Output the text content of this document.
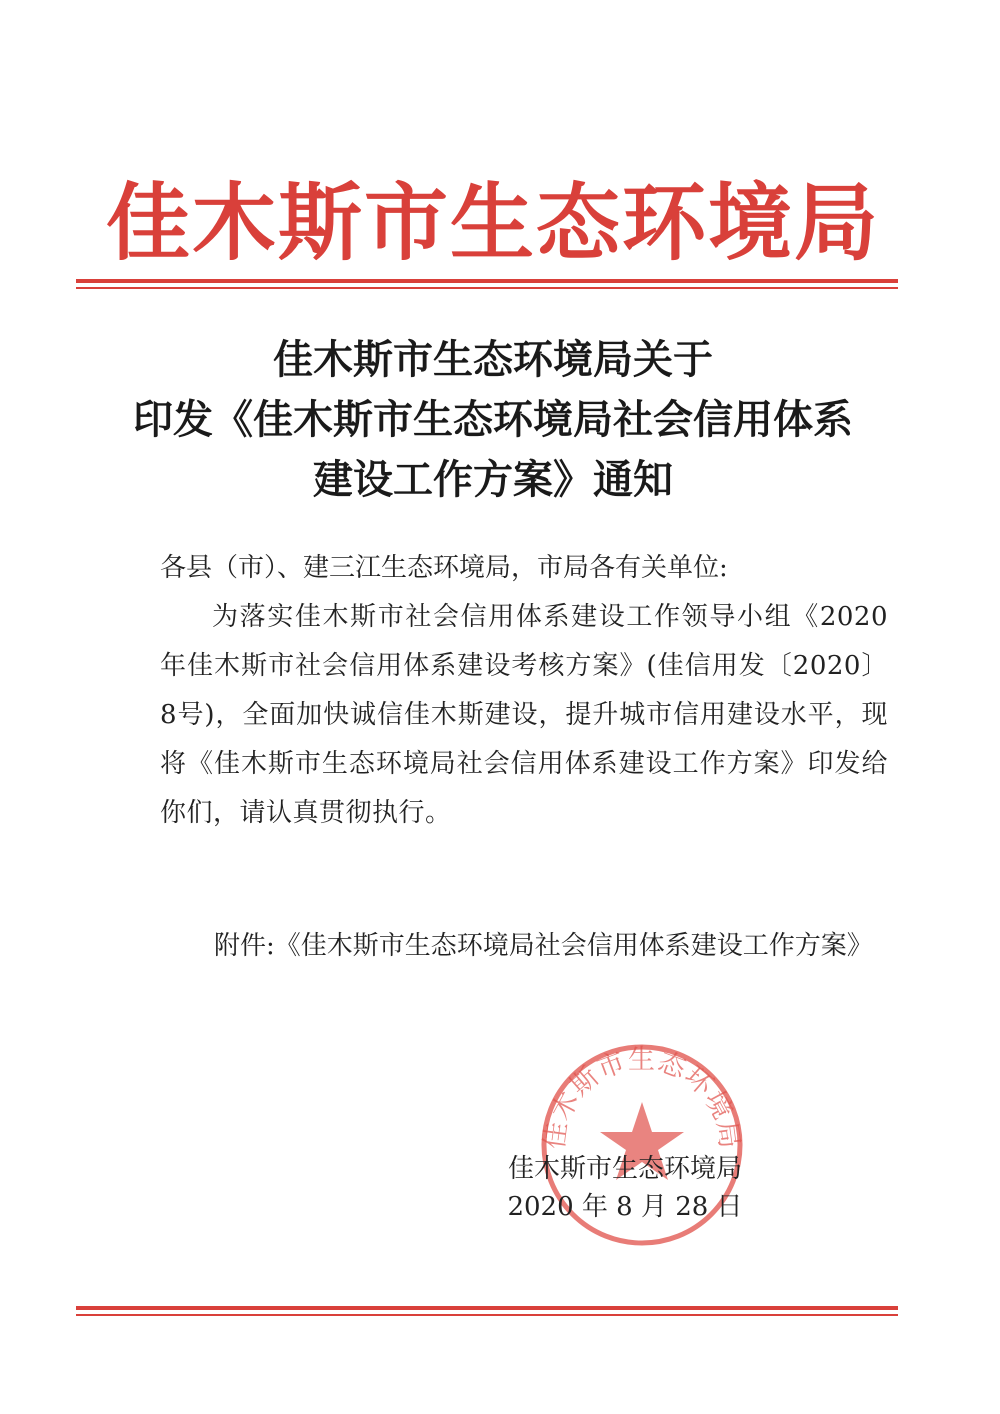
佳木斯市生态环境局
佳木斯市生态环境局关于
印发《佳木斯市生态环境局社会信用体系
建设工作方案》通知
各县（市）、建三江生态环境局，市局各有关单位:
为落实佳木斯市社会信用体系建设工作领导小组《2020年佳木斯市社会信用体系建设考核方案》(佳信用发〔2020〕8号)，全面加快诚信佳木斯建设，提升城市信用建设水平，现将《佳木斯市生态环境局社会信用体系建设工作方案》印发给你们，请认真贯彻执行。
附件:《佳木斯市生态环境局社会信用体系建设工作方案》
佳木斯市生态环境局
佳木斯市生态环境局
2020 年 8 月 28 日
